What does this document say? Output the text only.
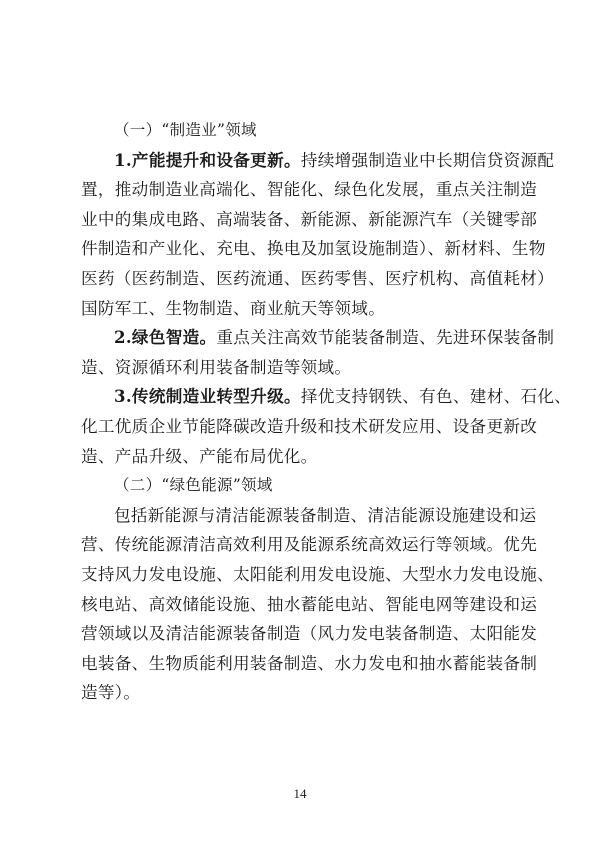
（一）“制造业”领域
1.产能提升和设备更新。持续增强制造业中长期信贷资源配
置，推动制造业高端化、智能化、绿色化发展，重点关注制造
业中的集成电路、高端装备、新能源、新能源汽车（关键零部
件制造和产业化、充电、换电及加氢设施制造）、新材料、生物
医药（医药制造、医药流通、医药零售、医疗机构、高值耗材）
国防军工、生物制造、商业航天等领域。
2.绿色智造。重点关注高效节能装备制造、先进环保装备制
造、资源循环利用装备制造等领域。
3.传统制造业转型升级。择优支持钢铁、有色、建材、石化、
化工优质企业节能降碳改造升级和技术研发应用、设备更新改
造、产品升级、产能布局优化。
（二）“绿色能源”领域
包括新能源与清洁能源装备制造、清洁能源设施建设和运
营、传统能源清洁高效利用及能源系统高效运行等领域。优先
支持风力发电设施、太阳能利用发电设施、大型水力发电设施、
核电站、高效储能设施、抽水蓄能电站、智能电网等建设和运
营领域以及清洁能源装备制造（风力发电装备制造、太阳能发
电装备、生物质能利用装备制造、水力发电和抽水蓄能装备制
造等）。
14
